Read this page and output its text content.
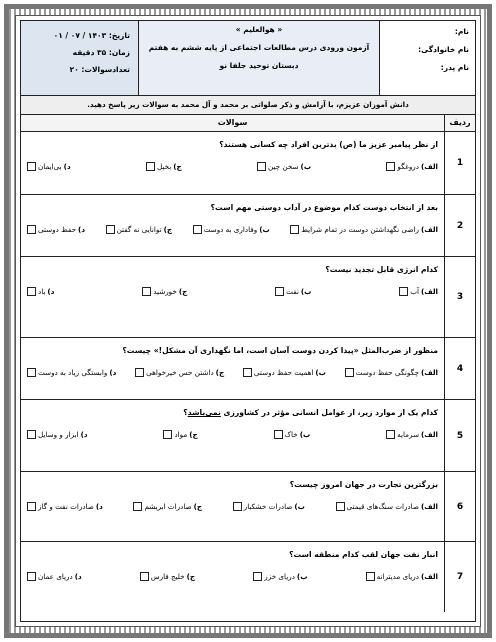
نام:
نام خانوادگی:
نام پدر:
« هوالعلیم »
آزمون ورودی درس مطالعات اجتماعی از پایه ششم به هفتم
دبستان توحید جلفا نو
تاریخ: ۱۴۰۳ / ۰۷ / ۰۱
زمان: ۳۵ دقیقه
تعدادسوالات: ۲۰
دانش آموزان عزیزم، با آرامش و ذکر صلواتی بر محمد و آل محمد به سوالات زیر پاسخ دهید.
ردیف
سوالات
1
از نظر پیامبر عزیز ما (ص) بدترین افراد چه کسانی هستند؟
الف)
دروغگو
ب)
سخن چین
ج)
بخیل
د)
بی‌ایمان
2
بعد از انتخاب دوست کدام موضوع در آداب دوستی مهم است؟
الف)
راضی نگهداشتن دوست در تمام شرایط
ب)
وفاداری به دوست
ج)
توانایی نه گفتن
د)
حفظ دوستی
3
کدام انرژی قابل تجدید نیست؟
الف)
آب
ب)
نفت
ج)
خورشید
د)
باد
4
منظور از ضرب‌المثل «پیدا کردن دوست آسان است، اما نگهداری آن مشکل!» چیست؟
الف)
چگونگی حفظ دوست
ب)
اهمیت حفظ دوستی
ج)
داشتن حس خیرخواهی
د)
وابستگی زیاد به دوست
5
کدام یک از موارد زیر، از عوامل انسانی مؤثر در کشاورزی نمی‌باشد؟
الف)
سرمایه
ب)
خاک
ج)
مواد
د)
ابزار و وسایل
6
بزرگترین تجارت در جهان امروز چیست؟
الف)
صادرات سنگ‌های قیمتی
ب)
صادرات خشکبار
ج)
صادرات ابریشم
د)
صادرات نفت و گاز
7
انبار نفت جهان لقب کدام منطقه است؟
الف)
دریای مدیترانه
ب)
دریای خزر
ج)
خلیج فارس
د)
دریای عمان
